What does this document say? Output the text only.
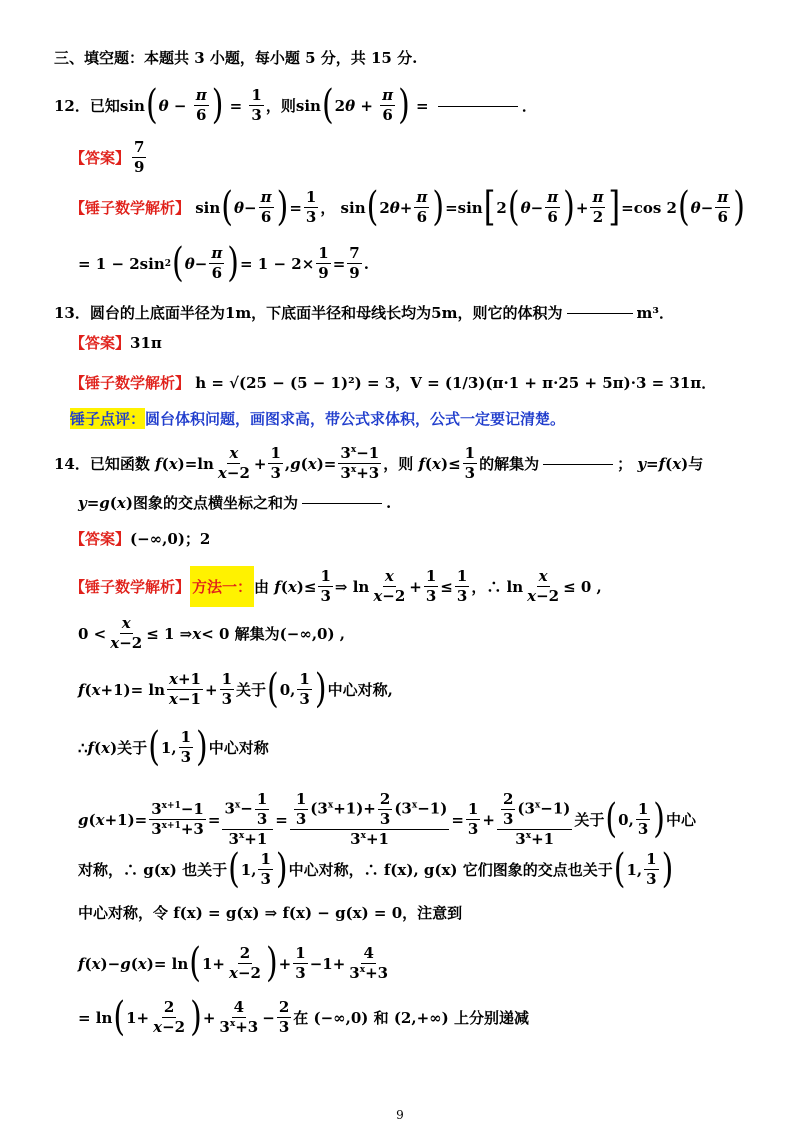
三、填空题：本题共 3 小题，每小题 5 分，共 15 分.
12． 已知 sin ( $\theta - \frac{\pi}{6}$ ) = $\frac{1}{3}$ ，则 sin ( 2 $\theta + \frac{\pi}{6}$ ) =	．
【答案】 $\frac{7}{9}$
【锤子数学解析】 sin ( $\theta - \frac{\pi}{6}$ ) = $\frac{1}{3}$ ， sin ( 2 $\theta + \frac{\pi}{6}$ ) =sin [ 2 ( $\theta - \frac{\pi}{6}$ ) + $\frac{\pi}{2}$ ] =cos 2 ( $\theta - \frac{\pi}{6}$ )
= 1 − 2sin 2 ( $\theta - \frac{\pi}{6}$ ) = $1 - 2\times \frac{1}{9} = \frac{7}{9}$ .
13． 圆台的上底面半径为1m，下底面半径和母线长均为5m，则它的体积为	m³．
【答案】 31π
【锤子数学解析】
h = √(25 − (5 − 1)²) = 3，V = (1/3)(π·1 + π·25 + 5π)·3 = 31π．
锤子点评： 圆台体积问题，画图求高，带公式求体积，公式一定要记清楚。
14． 已知函数
f ( x )$=\ln \frac{x}{x-2} + \frac{1}{3}$ , g ( x )= $\frac{3^x-1}{3^x+3}$ ，则
f ( x )≤ $\frac{1}{3}$ 的解集为	； y = f ( x )与
y = g ( x ) 图象的交点横坐标之和为	.
【答案】 (−∞,0)；2
【锤子数学解析】 方法一： 由
f ( x )≤ $\frac{1}{3}$ ⇒ $\ln \frac{x}{x-2} + \frac{1}{3} \le \frac{1}{3}$ ，∴ $\ln \frac{x}{x-2} \le 0$ ,
$0 < \frac{x}{x-2} \le 1$ ⇒ x < 0 解集为 (−∞,0) ,
f ( $x +1)= \ln \frac{x+1}{x-1} + \frac{1}{3}$ 关于 ( 0, $\frac{1}{3}$ ) 中心对称,
∴ f ( x ) 关于 ( 1, $\frac{1}{3}$ ) 中心对称
g ( $x +1)= \frac{3^{x+1}-1}{3^{x+1}+3} = \frac{3^x- \frac{1}{3}}{3^x+1} = \frac{\frac{1}{3} (3^x+1)+ \frac{2}{3} (3^x-1)}{3^x+1} = \frac{1}{3} + \frac{\frac{2}{3} (3^x-1)}{3^x+1}$ 关于 ( 0, $\frac{1}{3}$ ) 中心
对称，∴ g(x) 也关于 ( 1, $\frac{1}{3}$ ) 中心对称，∴ f(x), g(x) 它们图象的交点也关于 ( 1, $\frac{1}{3}$ )
中心对称，令 f(x) = g(x) ⇒ f(x) − g(x) = 0，注意到
f ( x )− g ( x )= ln ( $1+ \frac{2}{x-2}$ ) + $\frac{1}{3} -1+ \frac{4}{3^x+3}$
= ln ( $1+ \frac{2}{x-2}$ ) + $\frac{4}{3^x+3} - \frac{2}{3}$ 在 (−∞,0) 和 (2,+∞) 上分别递减
9
